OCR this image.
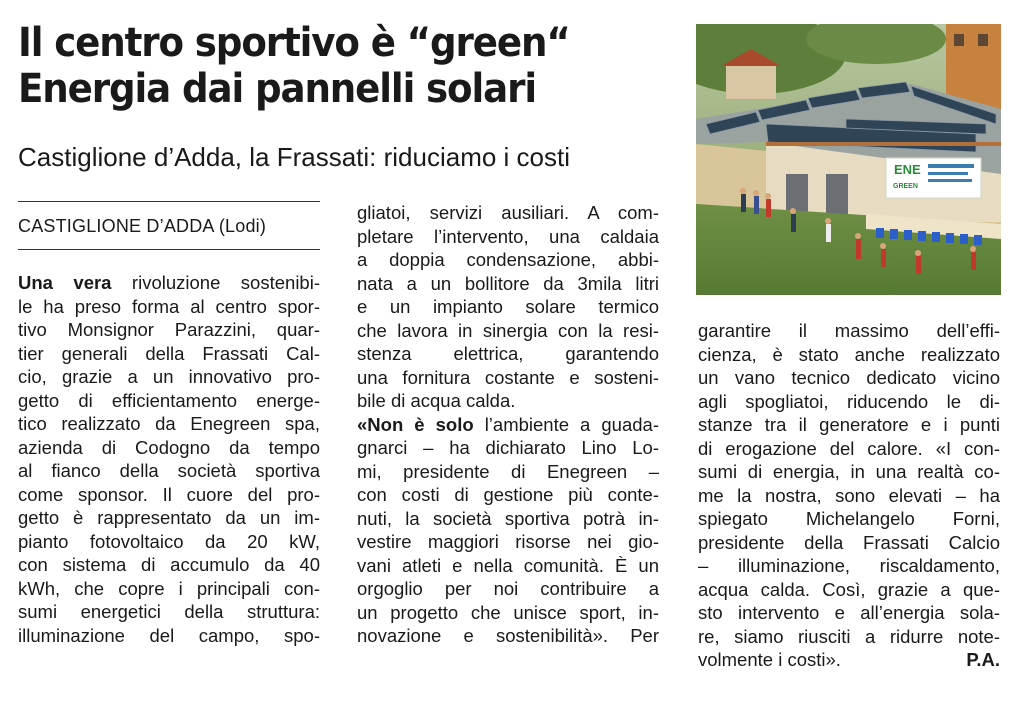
Il centro sportivo è “green“
Energia dai pannelli solari
Castiglione d’Adda, la Frassati: riduciamo i costi
CASTIGLIONE D’ADDA (Lodi)
Una vera rivoluzione sostenibi-
le ha preso forma al centro spor-
tivo Monsignor Parazzini, quar-
tier generali della Frassati Cal-
cio, grazie a un innovativo pro-
getto di efficientamento energe-
tico realizzato da Enegreen spa,
azienda di Codogno da tempo
al fianco della società sportiva
come sponsor. Il cuore del pro-
getto è rappresentato da un im-
pianto fotovoltaico da 20 kW,
con sistema di accumulo da 40
kWh, che copre i principali con-
sumi energetici della struttura:
illuminazione del campo, spo-
gliatoi, servizi ausiliari. A com-
pletare l’intervento, una caldaia
a doppia condensazione, abbi-
nata a un bollitore da 3mila litri
e un impianto solare termico
che lavora in sinergia con la resi-
stenza elettrica, garantendo
una fornitura costante e sosteni-
bile di acqua calda.
«Non è solo l’ambiente a guada-
gnarci – ha dichiarato Lino Lo-
mi, presidente di Enegreen –
con costi di gestione più conte-
nuti, la società sportiva potrà in-
vestire maggiori risorse nei gio-
vani atleti e nella comunità. È un
orgoglio per noi contribuire a
un progetto che unisce sport, in-
novazione e sostenibilità». Per
ENE
GREEN
garantire il massimo dell’effi-
cienza, è stato anche realizzato
un vano tecnico dedicato vicino
agli spogliatoi, riducendo le di-
stanze tra il generatore e i punti
di erogazione del calore. «I con-
sumi di energia, in una realtà co-
me la nostra, sono elevati – ha
spiegato Michelangelo Forni,
presidente della Frassati Calcio
– illuminazione, riscaldamento,
acqua calda. Così, grazie a que-
sto intervento e all’energia sola-
re, siamo riusciti a ridurre note-
volmente i costi».	P.A.
